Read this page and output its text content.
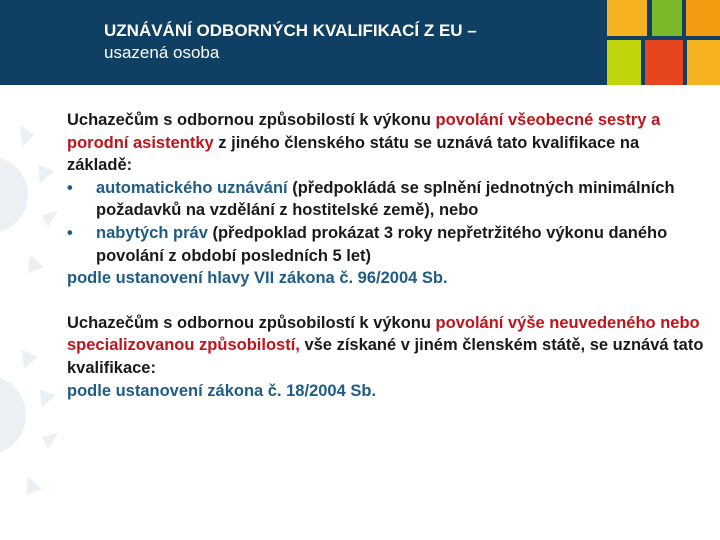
UZNÁVÁNÍ ODBORNÝCH KVALIFIKACÍ Z EU –
usazená osoba
Uchazečům s odbornou způsobilostí k výkonu povolání všeobecné sestry a porodní asistentky z jiného členského státu se uznává tato kvalifikace na základě:
• automatického uznávání (předpokládá se splnění jednotných minimálních požadavků na vzdělání z hostitelské země), nebo
• nabytých práv (předpoklad prokázat 3 roky nepřetržitého výkonu daného povolání z období posledních 5 let)
podle ustanovení hlavy VII zákona č. 96/2004 Sb.
Uchazečům s odbornou způsobilostí k výkonu povolání výše neuvedeného nebo specializovanou způsobilostí, vše získané v jiném členském státě, se uznává tato kvalifikace:
podle ustanovení zákona č. 18/2004 Sb.
